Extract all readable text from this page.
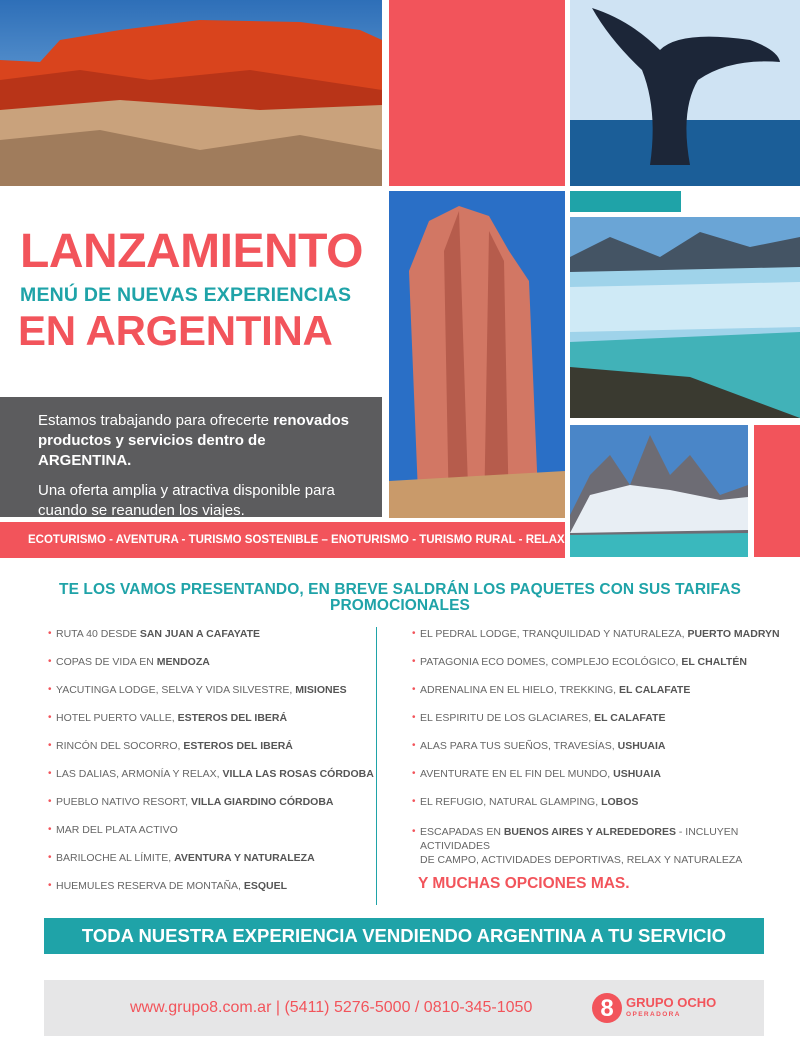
LANZAMIENTO
MENÚ DE NUEVAS EXPERIENCIAS
EN ARGENTINA

Estamos trabajando para ofrecerte renovados productos y servicios dentro de ARGENTINA.

Una oferta amplia y atractiva disponible para cuando se reanuden los viajes.

ECOTURISMO - AVENTURA - TURISMO SOSTENIBLE – ENOTURISMO - TURISMO RURAL - RELAX
TE LOS VAMOS PRESENTANDO, EN BREVE SALDRÁN LOS PAQUETES CON SUS TARIFAS PROMOCIONALES
• RUTA 40 DESDE SAN JUAN A CAFAYATE
• COPAS DE VIDA EN MENDOZA
• YACUTINGA LODGE, SELVA Y VIDA SILVESTRE, MISIONES
• HOTEL PUERTO VALLE, ESTEROS DEL IBERÁ
• RINCÓN DEL SOCORRO, ESTEROS DEL IBERÁ
• LAS DALIAS, ARMONÍA Y RELAX, VILLA LAS ROSAS CÓRDOBA
• PUEBLO NATIVO RESORT, VILLA GIARDINO CÓRDOBA
• MAR DEL PLATA ACTIVO
• BARILOCHE AL LÍMITE, AVENTURA Y NATURALEZA
• HUEMULES RESERVA DE MONTAÑA, ESQUEL
• EL PEDRAL LODGE, TRANQUILIDAD Y NATURALEZA, PUERTO MADRYN
• PATAGONIA ECO DOMES, COMPLEJO ECOLÓGICO, EL CHALTÉN
• ADRENALINA EN EL HIELO, TREKKING, EL CALAFATE
• EL ESPIRITU DE LOS GLACIARES, EL CALAFATE
• ALAS PARA TUS SUEÑOS, TRAVESÍAS, USHUAIA
• AVENTURATE EN EL FIN DEL MUNDO, USHUAIA
• EL REFUGIO, NATURAL GLAMPING, LOBOS
• ESCAPADAS EN BUENOS AIRES Y ALREDEDORES - INCLUYEN ACTIVIDADES
DE CAMPO, ACTIVIDADES DEPORTIVAS, RELAX Y NATURALEZA
Y MUCHAS OPCIONES MAS.
TODA NUESTRA EXPERIENCIA VENDIENDO ARGENTINA A TU SERVICIO
www.grupo8.com.ar | (5411) 5276-5000 / 0810-345-1050	8 GRUPO OCHO
OPERADORA
